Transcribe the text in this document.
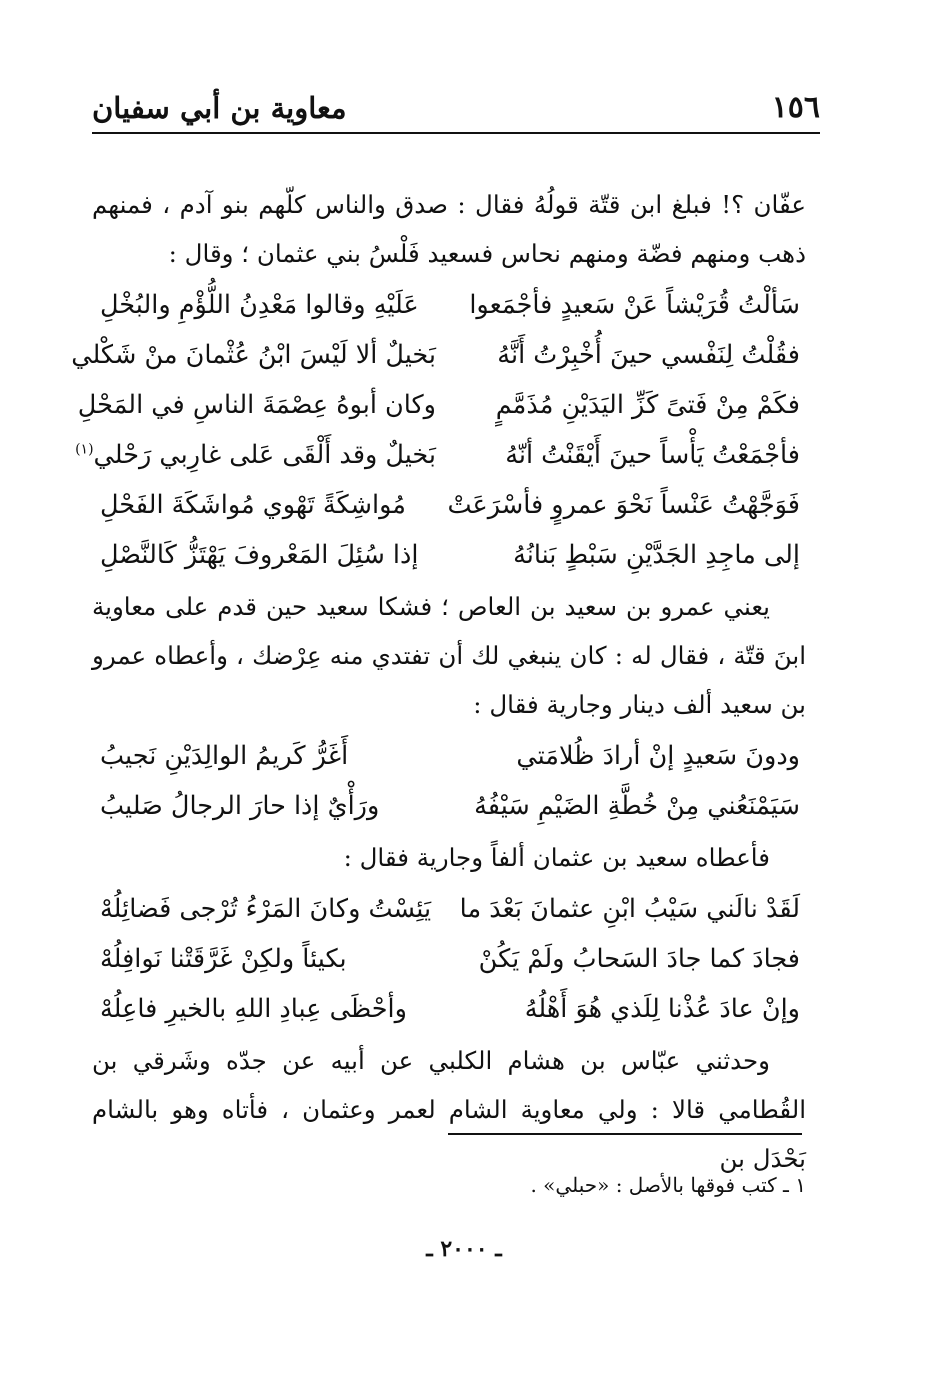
١٥٦
معاوية بن أبي سفيان

عفّان ؟! فبلغ ابن قتّة قولُهُ فقال : صدق والناس كلّهم بنو آدم ، فمنهم ذهب ومنهم فضّة ومنهم نحاس فسعيد فَلْسُ بني عثمان ؛ وقال :

سَألْتُ قُرَيْشاً عَنْ سَعيدٍ فأجْمَعوا
عَلَيْهِ وقالوا مَعْدِنُ اللُّؤْمِ والبُخْلِ
فقُلْتُ لِنَفْسي حينَ أُخْبِرْتُ أَنَّهُ
بَخيلٌ ألا لَيْسَ ابْنُ عُثْمانَ منْ شَكْلي
فكَمْ مِنْ فَتىً كَزِّ اليَدَيْنِ مُذَمَّمٍ
وكان أبوهُ عِصْمَةَ الناسِ في المَحْلِ
فأجْمَعْتُ يَأْساً حينَ أَيْقَنْتُ أنّهُ
بَخيلٌ وقد أَلْقَى عَلى غارِبي رَحْلي$^{(١)}$
فَوَجَّهْتُ عَنْساً نَحْوَ عمروٍ فأسْرَعَتْ
مُواشِكَةً تَهْوي مُواشَكَةَ الفَحْلِ
إلى ماجِدِ الجَدَّيْنِ سَبْطٍ بَنانُهُ
إذا سُئِلَ المَعْروفَ يَهْتَزُّ كَالنَّصْلِ

يعني عمرو بن سعيد بن العاص ؛ فشكا سعيد حين قدم على معاوية ابنَ قتّة ، فقال له : كان ينبغي لك أن تفتدي منه عِرْضك ، وأعطاه عمرو بن سعيد ألف دينار وجارية فقال :

ودونَ سَعيدٍ إنْ أرادَ ظُلامَتي
أَغَرُّ كَريمُ الوالِدَيْنِ نَجيبُ
سَيَمْنَعُني مِنْ خُطَّةِ الضَيْمِ سَيْفُهُ
ورَأْيٌ إذا حارَ الرجالُ صَليبُ

فأعطاه سعيد بن عثمان ألفاً وجارية فقال :

لَقَدْ نالَني سَيْبُ ابْنِ عثمانَ بَعْدَ ما
يَئِسْتُ وكانَ المَرْءُ تُرْجى فَضائِلُهْ
فجادَ كما جادَ السَحابُ ولَمْ يَكُنْ
بكيئاً ولكِنْ غَرَّقَتْنا نَوافِلُهْ
وإنْ عادَ عُذْنا لِلَذي هُوَ أَهْلُهُ
وأحْظَى عِبادِ اللهِ بالخيرِ فاعِلُهْ

وحدثني عبّاس بن هشام الكلبي عن أبيه عن جدّه وشَرقي بن القُطامي قالا : ولي معاوية الشام لعمر وعثمان ، فأتاه وهو بالشام بَحْدَل بن

١ ـ كتب فوقها بالأصل : «حبلي» .
ـ ٢٠٠٠ ـ
